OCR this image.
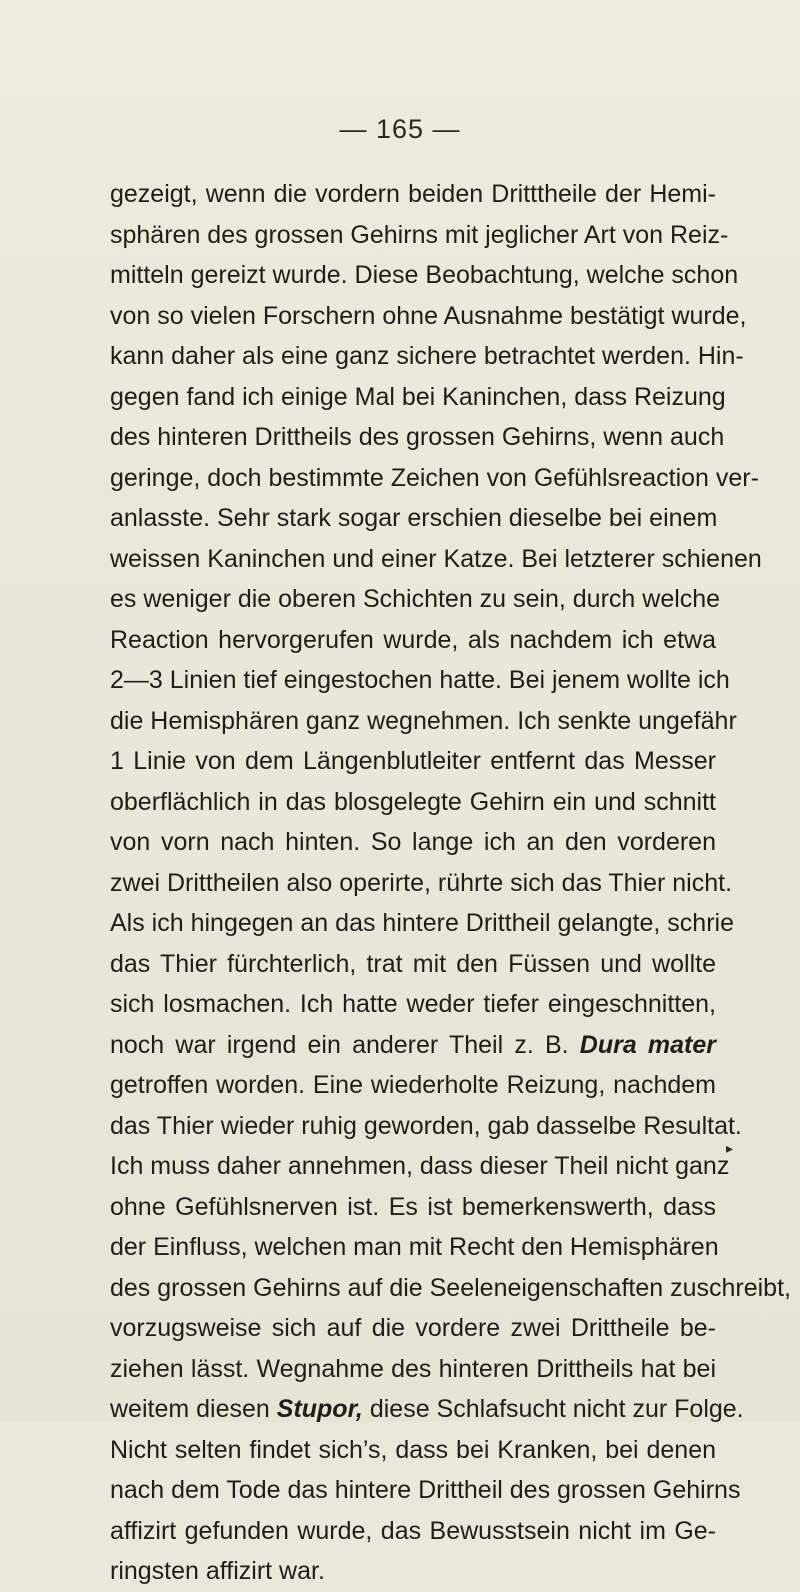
— 165 —
gezeigt, wenn die vordern beiden Dritttheile der Hemi-
sphären des grossen Gehirns mit jeglicher Art von Reiz-
mitteln gereizt wurde. Diese Beobachtung, welche schon
von so vielen Forschern ohne Ausnahme bestätigt wurde,
kann daher als eine ganz sichere betrachtet werden. Hin-
gegen fand ich einige Mal bei Kaninchen, dass Reizung
des hinteren Drittheils des grossen Gehirns, wenn auch
geringe, doch bestimmte Zeichen von Gefühlsreaction ver-
anlasste. Sehr stark sogar erschien dieselbe bei einem
weissen Kaninchen und einer Katze. Bei letzterer schienen
es weniger die oberen Schichten zu sein, durch welche
Reaction hervorgerufen wurde, als nachdem ich etwa
2—3 Linien tief eingestochen hatte. Bei jenem wollte ich
die Hemisphären ganz wegnehmen. Ich senkte ungefähr
1 Linie von dem Längenblutleiter entfernt das Messer
oberflächlich in das blosgelegte Gehirn ein und schnitt
von vorn nach hinten. So lange ich an den vorderen
zwei Drittheilen also operirte, rührte sich das Thier nicht.
Als ich hingegen an das hintere Drittheil gelangte, schrie
das Thier fürchterlich, trat mit den Füssen und wollte
sich losmachen. Ich hatte weder tiefer eingeschnitten,
noch war irgend ein anderer Theil z. B. Dura mater
getroffen worden. Eine wiederholte Reizung, nachdem
das Thier wieder ruhig geworden, gab dasselbe Resultat.
Ich muss daher annehmen, dass dieser Theil nicht ganz
ohne Gefühlsnerven ist. Es ist bemerkenswerth, dass
der Einfluss, welchen man mit Recht den Hemisphären
des grossen Gehirns auf die Seeleneigenschaften zuschreibt,
vorzugsweise sich auf die vordere zwei Drittheile be-
ziehen lässt. Wegnahme des hinteren Drittheils hat bei
weitem diesen Stupor, diese Schlafsucht nicht zur Folge.
Nicht selten findet sich’s, dass bei Kranken, bei denen
nach dem Tode das hintere Drittheil des grossen Gehirns
affizirt gefunden wurde, das Bewusstsein nicht im Ge-
ringsten affizirt war.
▸
